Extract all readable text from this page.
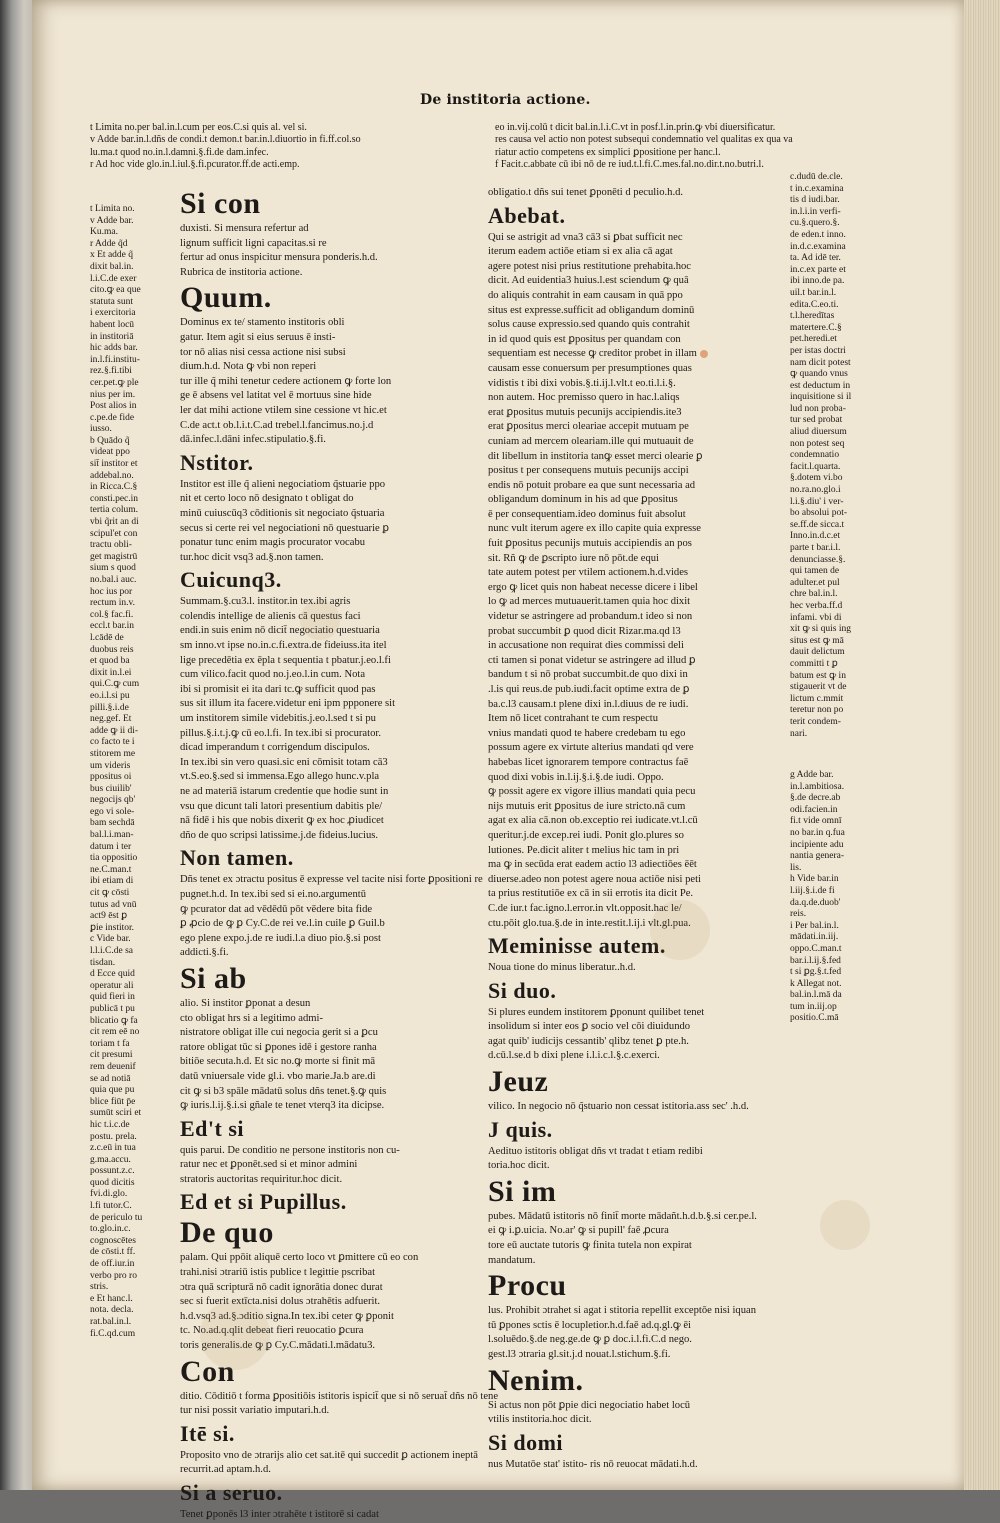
De institoria actione.

t Limita no.per bal.in.l.cum per eos.C.si quis al. vel si.

v Adde bar.in.l.dñs de condi.t demon.t bar.in.l.diuortio in fi.ff.col.so

lu.ma.t quod no.in.l.damni.§.fi.de dam.infec.

r Ad hoc vide glo.in.l.iul.§.fi.pcurator.ff.de acti.emp.

t Limita no.

v Adde bar.

Ku.ma.

r Adde q̃d

x Et adde q̃

dixit bal.in.

l.i.C.de exer

cito.ꝙ ea que

statuta sunt

i exercitoria

habent locū

in institoriā

hic adds bar.

in.l.fi.institu-

rez.§.fi.tibi

cer.pet.ꝙ ple

nius per im.

Post alios in

c.pe.de fide

iusso.

b Quādo q̃

videat ppo

sit̄ institor et

addebal.no.

in Ricca.C.§

consti.pec.in

tertia colum.

vbi q̃rit an di

scipul'et con

tractu obli-

get magistrū

sium s quod

no.bal.i auc.

hoc ius por

rectum in.v.

col.§ fac.fi.

eccl.t bar.in

l.cādē de

duobus reis

et quod ba

dixit in.l.ei

qui.C.ꝙ cum

eo.i.l.si pu

pilli.§.i.de

neg.gef. Et

adde ꝙ ii di-

co facto te i

stitorem me

um videris

ppositus oi

bus ciuilib'

negocijs qb'

ego vi sole-

bam sechdā

bal.l.i.man-

datum i ter

tia oppositio

ne.C.man.t

ibi etiam di

cit ꝙ cōsti

tutus ad vnū

act9 ēst ꝑ

ꝑie institor.

c Vide bar.

l.l.i.C.de sa

tisdan.

d Ecce quid

operatur ali

quid fieri in

publicā t pu

blicatio ꝙ fa

cit rem eē no

toriam t fa

cit presumi

rem deuenif

se ad notiā

quia que pu

blice fiūt p̄e

sumūt sciri et

hic t.i.c.de

postu. prela.

z.c.eū in tua

g.ma.accu.

possunt.z.c.

quod dicitis

fvi.di.glo.

l.fi tutor.C.

de periculo tu

to.glo.in.c.

cognoscētes

de cōsti.t ff.

de off.iur.in

verbo pro ro

stris.

e Et hanc.l.

nota. decla.

rat.bal.in.l.

fi.C.qd.cum

Si con

duxisti. Si mensura refertur ad

lignum sufficit ligni capacitas.si re

fertur ad onus inspicitur mensura ponderis.h.d.

Rubrica de institoria actione.

Quum.

Dominus ex te/ stamento institoris obli

gatur. Item agit si eius seruus ē insti-

tor nō alias nisi cessa actione nisi subsi

dium.h.d. Nota ꝙ vbi non reperi

tur ille q̃ mihi tenetur cedere actionem ꝙ forte lon

ge ē absens vel latitat vel ē mortuus sine hide

ler dat mihi actione vtilem sine cessione vt hic.et

C.de act.t ob.l.i.t.C.ad trebel.l.fancimus.no.j.d

dā.infec.l.dāni infec.stipulatio.§.fi.

Nstitor.

Institor est ille q̃ alieni negociatiom q̃stuarie ppo

nit et certo loco nō designato t obligat do

minū cuiuscūq3 cōditionis sit negociato q̃stuaria

secus si certe rei vel negociationi nō questuarie ꝑ

ponatur tunc enim magis procurator vocabu

tur.hoc dicit vsq3 ad.§.non tamen.

Cuicunq3.

Summam.§.cu3.l. institor.in tex.ibi agris

colendis intellige de alienis cā questus faci

endi.in suis enim nō dicit̄ negociatio questuaria

sm inno.vt ipse no.in.c.fi.extra.de fideiuss.ita itel

lige precedētia ex ēpla t sequentia t pbatur.j.eo.l.fi

cum vilico.facit quod no.j.eo.l.in cum. Nota

ibi si promisit ei ita dari tc.ꝙ sufficit quod pas

sus sit illum ita facere.videtur eni ipm ppponere sit

um institorem simile videbitis.j.eo.l.sed t si pu

pillus.§.i.t.j.ꝙ cū eo.l.fi. In tex.ibi si procurator.

dicad imperandum t corrigendum discipulos.

In tex.ibi sin vero quasi.sic eni cōmisit totam cā3

vt.S.eo.§.sed si immensa.Ego allego hunc.v.pla

ne ad materiā istarum credentie que hodie sunt in

vsu que dicunt tali latori presentium dabitis ple/

nā fidē i his que nobis dixerit ꝙ ex hoc ꝓiudicet

dño de quo scripsi latissime.j.de fideius.lucius.

Non tamen.

Dñs tenet ex ɔtractu positus ē expresse vel tacite nisi forte ꝑpositioni re

pugnet.h.d. In tex.ibi sed si ei.no.argumentū

ꝙ pcurator dat ad vēdēdū pōt vēdere bita fide

ꝑ ꝓcio de ꝙ ꝑ Cy.C.de rei ve.l.in cuile ꝑ Guil.b

ego plene expo.j.de re iudi.l.a diuo pio.§.si post

addicti.§.fi.

Si ab

alio. Si institor ꝑponat a desun

cto obligat hrs si a legitimo admi-

nistratore obligat ille cui negocia gerit si a ꝑcu

ratore obligat tūc si ꝑpones idē i gestore ranha

bitiōe secuta.h.d. Et sic no.ꝙ morte si finit mā

datū vniuersale vide gl.i. vbo marie.Ja.b are.di

cit ꝙ si b3 spāle mādatū solus dñs tenet.§.ꝙ quis

ꝙ iuris.l.ij.§.i.si gñale te tenet vterq3 ita dicipse.

Ed't si

quis parui. De conditio ne persone institoris non cu-

ratur nec et ꝑponēt.sed si et minor admini

stratoris auctoritas requiritur.hoc dicit.

Ed et si Pupillus.

De quo

palam. Qui ppōit aliquē certo loco vt ꝑmittere cū eo con

trahi.nisi ɔtrariū istis publice t legittie pscribat

ɔtra quā scripturā nō cadit ignorātia donec durat

sec si fuerit extīcta.nisi dolus ɔtrahētis adfuerit.

h.d.vsq3 ad.§.ɔditio signa.In tex.ibi ceter ꝙ ꝑponit

tc. No.ad.q.qlit debeat fieri reuocatio ꝑcura

toris generalis.de ꝙ ꝑ Cy.C.mādati.l.mādatu3.

Con

ditio. Cōditiō t forma ꝑpositiōis istitoris ispicit̄ que si nō seruat̄ dñs nō tene

tur nisi possit variatio imputari.h.d.

Itē si.

Proposito vno de ɔtrarijs alio cet sat.itē qui succedit ꝑ actionem ineptā

recurrit.ad aptam.h.d.

Si a seruo.

Tenet ꝑponēs l3 inter ɔtrahēte t istitorē si cadat

eo in.vij.colū t dicit bal.in.l.i.C.vt in posf.l.in.prin.ꝙ vbi diuersificatur.

res causa vel actio non potest subsequi condemnatio vel qualitas ex qua va

riatur actio competens ex simplici ꝑpositione per hanc.l.

f Facit.c.abbate cū ibi nō de re iud.t.l.fi.C.mes.fal.no.dir.t.no.butri.l.

obligatio.t dñs sui tenet ꝑponēti d peculio.h.d.

Abebat.

Qui se astrigit ad vna3 cā3 si ꝑbat sufficit nec

iterum eadem actiōe etiam si ex alia cā agat

agere potest nisi prius restitutione prehabita.hoc

dicit. Ad euidentia3 huius.l.est sciendum ꝙ quā

do aliquis contrahit in eam causam in quā ppo

situs est expresse.sufficit ad obligandum dominū

solus cause expressio.sed quando quis contrahit

in id quod quis est ꝑpositus per quandam con

sequentiam est necesse ꝙ creditor probet in illam

causam esse conuersum per presumptiones quas

vidistis t ibi dixi vobis.§.ti.ij.l.vlt.t eo.ti.l.i.§.

non autem. Hoc premisso quero in hac.l.aliqs

erat ꝑpositus mutuis pecunijs accipiendis.ite3

erat ꝑpositus merci oleariae accepit mutuam pe

cuniam ad mercem oleariam.ille qui mutuauit de

dit libellum in institoria tanꝙ esset merci olearie ꝑ

positus t per consequens mutuis pecunijs accipi

endis nō potuit probare ea que sunt necessaria ad

obligandum dominum in his ad que ꝑpositus

ē per consequentiam.ideo dominus fuit absolut

nunc vult iterum agere ex illo capite quia expresse

fuit ꝑpositus pecunijs mutuis accipiendis an pos

sit. Rñ ꝙ de ꝑscripto iure nō pōt.de equi

tate autem potest per vtilem actionem.h.d.vides

ergo ꝙ licet quis non habeat necesse dicere i libel

lo ꝙ ad merces mutuauerit.tamen quia hoc dixit

videtur se astringere ad probandum.t ideo si non

probat succumbit ꝑ quod dicit Rizar.ma.qd l3

in accusatione non requirat dies commissi deli

cti tamen si ponat videtur se astringere ad illud ꝑ

bandum t si nō probat succumbit.de quo dixi in

.l.is qui reus.de pub.iudi.facit optime extra de ꝑ

ba.c.l3 causam.t plene dixi in.l.diuus de re iudi.

Item nō licet contrahant te cum respectu

vnius mandati quod te habere credebam tu ego

possum agere ex virtute alterius mandati qd vere

habebas licet ignorarem tempore contractus faē

quod dixi vobis in.l.ij.§.i.§.de iudi. Oppo.

ꝙ possit agere ex vigore illius mandati quia pecu

nijs mutuis erit ꝑpositus de iure stricto.nā cum

agat ex alia cā.non ob.exceptio rei iudicate.vt.l.cū

queritur.j.de excep.rei iudi. Ponit glo.plures so

lutiones. Pe.dicit aliter t melius hic tam in pri

ma ꝙ in secūda erat eadem actio l3 adiectiōes ēēt

diuerse.adeo non potest agere noua actiōe nisi peti

ta prius restitutiōe ex cā in sii errotis ita dicit Pe.

C.de iur.t fac.igno.l.error.in vlt.opposit.hac le/

ctu.pōit glo.tua.§.de in inte.restit.l.ij.i vlt.gl.pua.

Meminisse autem.

Noua tione do minus liberatur..h.d.

Si duo.

Si plures eundem institorem ꝑponunt quilibet tenet

insolidum si inter eos ꝑ socio vel cōi diuidundo

agat quib' iudicijs cessantib' qlibz tenet ꝑ pte.h.

d.cū.l.se.d b dixi plene i.l.i.c.l.§.c.exerci.

Jeuz

vilico. In negocio nō q̃stuario non cessat istitoria.ass sec' .h.d.

J quis.

Aedituo istitoris obligat dñs vt tradat t etiam redibi

toria.hoc dicit.

Si im

pubes. Mādatū istitoris nō finit̄ morte mādañt.h.d.b.§.si cer.pe.l.

ei ꝙ i.ꝑ.uicia. No.ar' ꝙ si pupill' faē ꝓcura

tore eū auctate tutoris ꝙ finita tutela non expirat

mandatum.

Procu

lus. Prohibit ɔtrahet si agat i stitoria repellit exceptōe nisi iquan

tū ꝑpones sctis ē locupletior.h.d.faē ad.q.gl.ꝙ ēi

l.soluēdo.§.de neg.ge.de ꝙ ꝑ doc.i.l.fi.C.d nego.

gest.l3 ɔtraria gl.sit.j.d nouat.l.stichum.§.fi.

Nenim.

Si actus non pōt ꝑpie dici negociatio habet locū

vtilis institoria.hoc dicit.

Si domi

nus Mutatōe stat' istito- ris nō reuocat mādati.h.d.

c.dudū de.cle.

t in.c.examina

tis d iudi.bar.

in.l.i.in verfi-

cu.§.quero.§.

de eden.t inno.

in.d.c.examina

ta. Ad idē ter.

in.c.ex parte et

ibi inno.de pa.

uil.t bar.in.l.

edita.C.eo.ti.

t.l.heredītas

matertere.C.§

pet.heredi.et

per istas doctri

nam dicit potest

ꝙ quando vnus

est deductum in

inquisitione si il

lud non proba-

tur sed probat

aliud diuersum

non potest seq

condemnatio

facit.l.quarta.

§.dotem vi.bo

no.ra.no.glo.i

l.i.§.diu' i ver-

bo absolui pot-

se.ff.de sicca.t

Inno.in.d.c.et

parte t bar.i.l.

denunciasse.§.

qui tamen de

adulter.et pul

chre bal.in.l.

hec verba.ff.d

infami. vbi di

xit ꝙ si quis ing

situs est ꝙ mā

dauit delictum

committi t ꝑ

batum est ꝙ in

stigauerit vt de

lictum c.mmit

teretur non po

terit condem-

nari.

g Adde bar.

in.l.ambitiosa.

§.de decre.ab

odi.facien.in

fi.t vide omnī

no bar.in q.fua

incipiente adu

nantia genera-

lis.

h Vide bar.in

l.iij.§.i.de fi

da.q.de.duob'

reis.

i Per bal.in.l.

mādati.in.iij.

oppo.C.man.t

bar.i.l.ij.§.fed

t si ꝑg.§.t.fed

k Allegat not.

bal.in.l.mā da

tum in.iij.op

positio.C.mā
